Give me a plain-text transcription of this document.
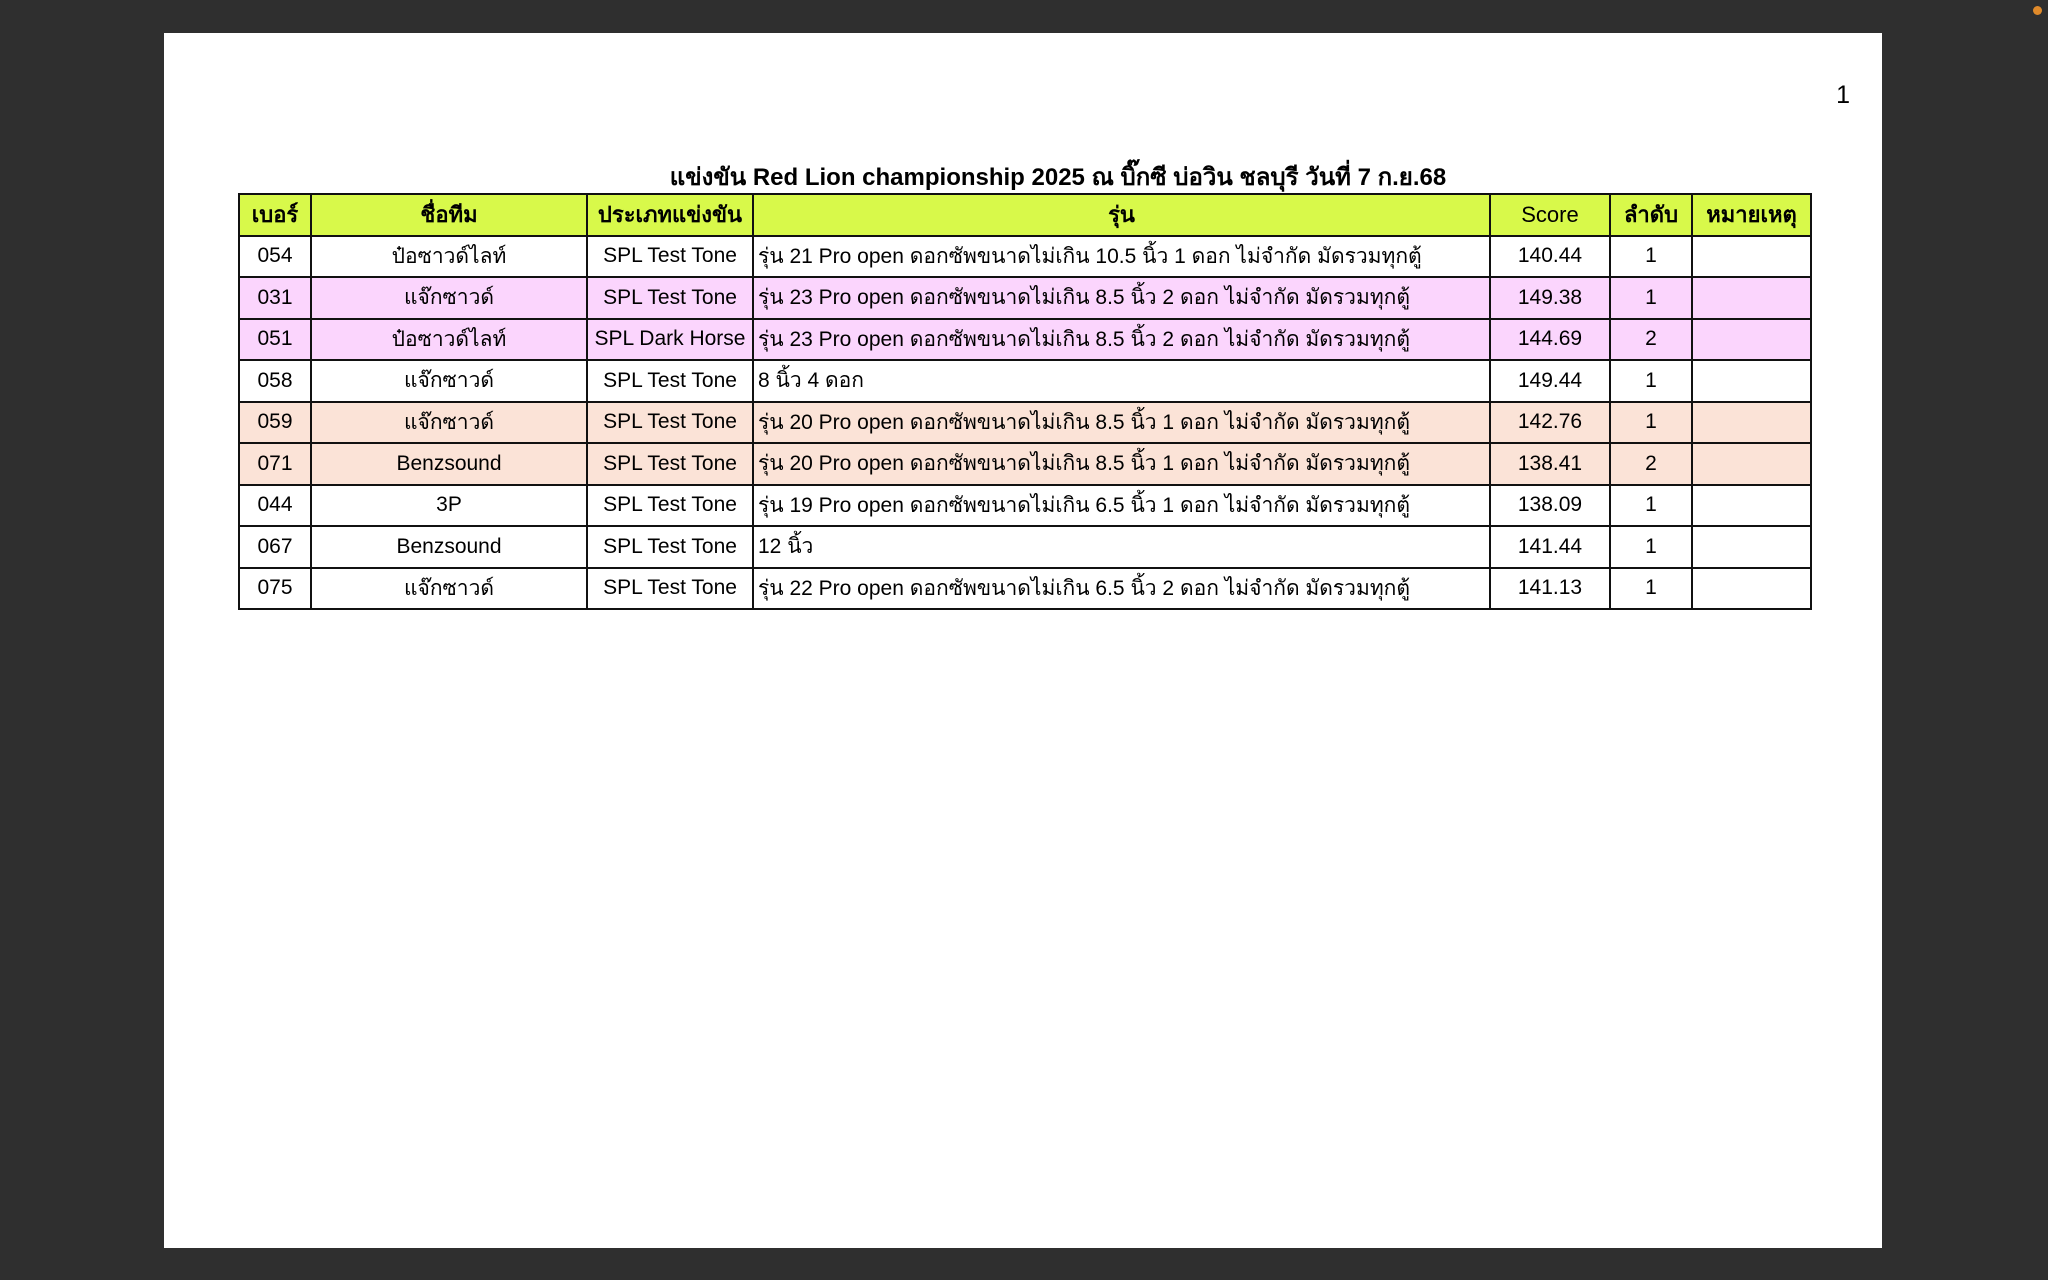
1
แข่งขัน Red Lion championship 2025 ณ บิ๊กซี บ่อวิน ชลบุรี วันที่ 7 ก.ย.68
เบอร์	ชื่อทีม	ประเภทแข่งขัน	รุ่น	Score	ลำดับ	หมายเหตุ
054	ป๋อซาวด์ไลท์	SPL Test Tone	รุ่น 21 Pro open ดอกซัพขนาดไม่เกิน 10.5 นิ้ว 1 ดอก ไม่จำกัด มัดรวมทุกตู้	140.44	1	
031	แจ๊กซาวด์	SPL Test Tone	รุ่น 23 Pro open ดอกซัพขนาดไม่เกิน 8.5 นิ้ว 2 ดอก ไม่จำกัด มัดรวมทุกตู้	149.38	1	
051	ป๋อซาวด์ไลท์	SPL Dark Horse	รุ่น 23 Pro open ดอกซัพขนาดไม่เกิน 8.5 นิ้ว 2 ดอก ไม่จำกัด มัดรวมทุกตู้	144.69	2	
058	แจ๊กซาวด์	SPL Test Tone	8 นิ้ว 4 ดอก	149.44	1	
059	แจ๊กซาวด์	SPL Test Tone	รุ่น 20 Pro open ดอกซัพขนาดไม่เกิน 8.5 นิ้ว 1 ดอก ไม่จำกัด มัดรวมทุกตู้	142.76	1	
071	Benzsound	SPL Test Tone	รุ่น 20 Pro open ดอกซัพขนาดไม่เกิน 8.5 นิ้ว 1 ดอก ไม่จำกัด มัดรวมทุกตู้	138.41	2	
044	3P	SPL Test Tone	รุ่น 19 Pro open ดอกซัพขนาดไม่เกิน 6.5 นิ้ว 1 ดอก ไม่จำกัด มัดรวมทุกตู้	138.09	1	
067	Benzsound	SPL Test Tone	12 นิ้ว	141.44	1	
075	แจ๊กซาวด์	SPL Test Tone	รุ่น 22 Pro open ดอกซัพขนาดไม่เกิน 6.5 นิ้ว 2 ดอก ไม่จำกัด มัดรวมทุกตู้	141.13	1	
